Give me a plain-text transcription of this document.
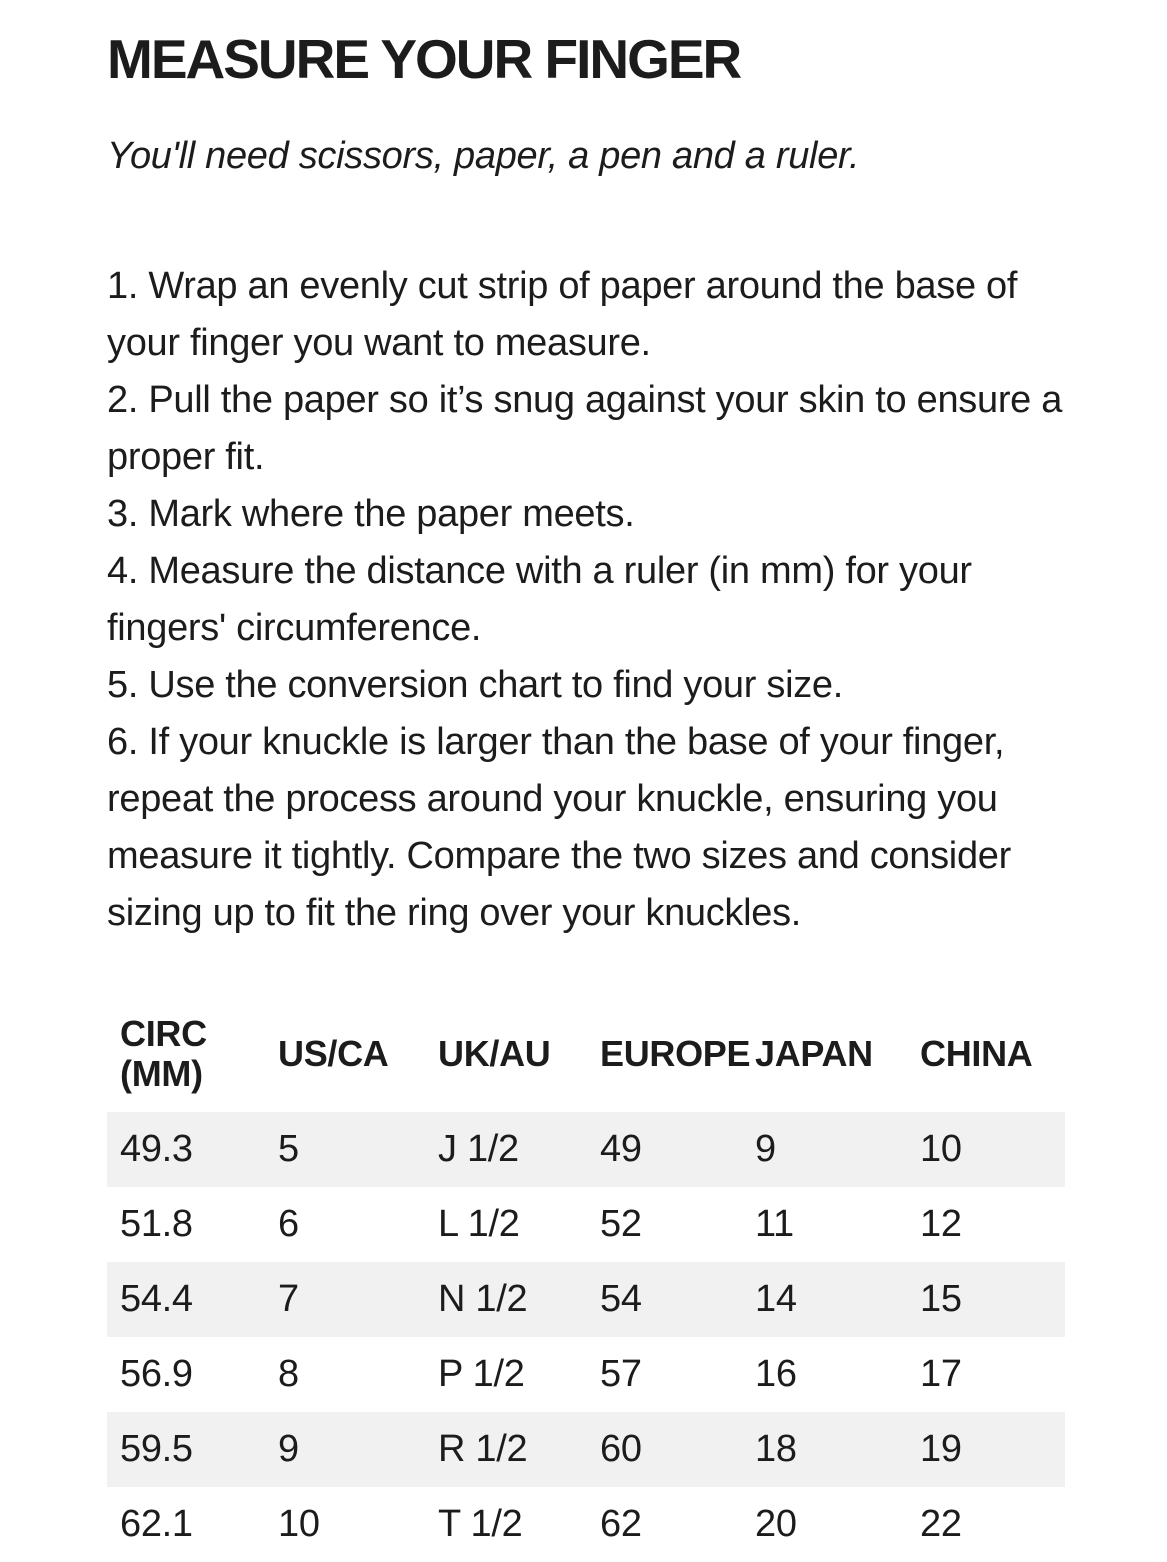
MEASURE YOUR FINGER

You'll need scissors, paper, a pen and a ruler.

1. Wrap an evenly cut strip of paper around the base of your finger you want to measure.
2. Pull the paper so it’s snug against your skin to ensure a proper fit.
3. Mark where the paper meets.
4. Measure the distance with a ruler (in mm) for your fingers' circumference.
5. Use the conversion chart to find your size.
6. If your knuckle is larger than the base of your finger, repeat the process around your knuckle, ensuring you measure it tightly. Compare the two sizes and consider sizing up to fit the ring over your knuckles.
CIRC (MM)	US/CA	UK/AU	EUROPE	JAPAN	CHINA
49.3	5	J 1/2	49	9	10
51.8	6	L 1/2	52	11	12
54.4	7	N 1/2	54	14	15
56.9	8	P 1/2	57	16	17
59.5	9	R 1/2	60	18	19
62.1	10	T 1/2	62	20	22
